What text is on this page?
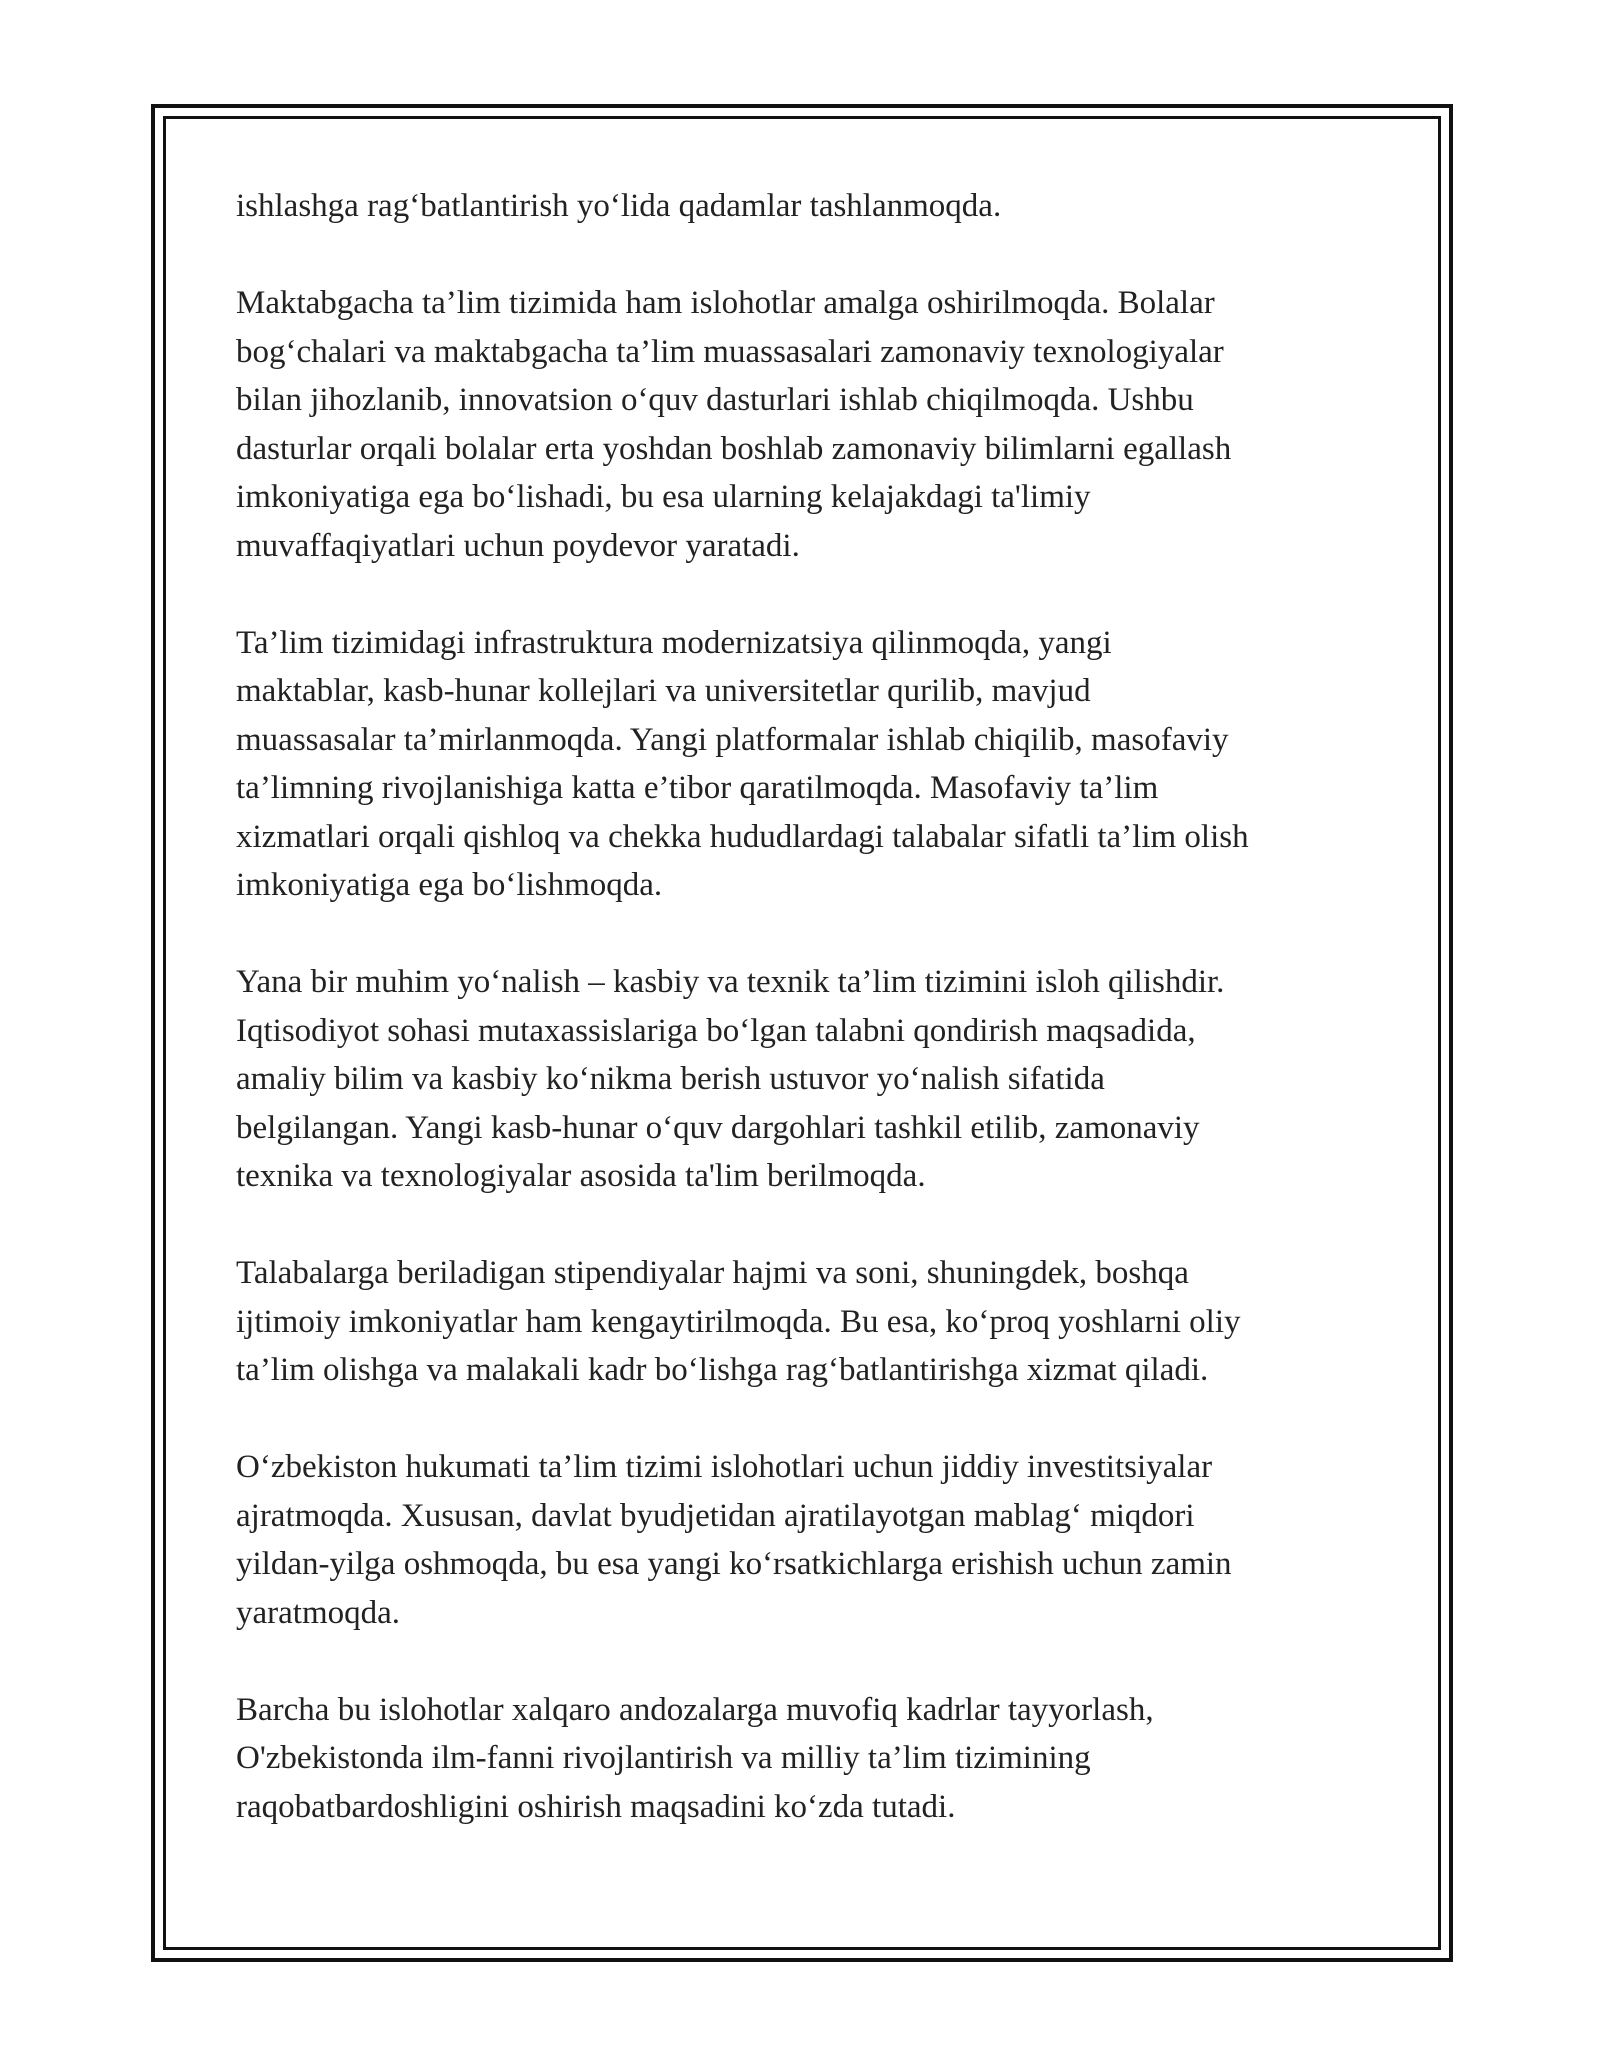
ishlashga rag‘batlantirish yo‘lida qadamlar tashlanmoqda.

Maktabgacha ta’lim tizimida ham islohotlar amalga oshirilmoqda. Bolalar
bog‘chalari va maktabgacha ta’lim muassasalari zamonaviy texnologiyalar
bilan jihozlanib, innovatsion o‘quv dasturlari ishlab chiqilmoqda. Ushbu
dasturlar orqali bolalar erta yoshdan boshlab zamonaviy bilimlarni egallash
imkoniyatiga ega bo‘lishadi, bu esa ularning kelajakdagi ta'limiy
muvaffaqiyatlari uchun poydevor yaratadi.

Ta’lim tizimidagi infrastruktura modernizatsiya qilinmoqda, yangi
maktablar, kasb-hunar kollejlari va universitetlar qurilib, mavjud
muassasalar ta’mirlanmoqda. Yangi platformalar ishlab chiqilib, masofaviy
ta’limning rivojlanishiga katta e’tibor qaratilmoqda. Masofaviy ta’lim
xizmatlari orqali qishloq va chekka hududlardagi talabalar sifatli ta’lim olish
imkoniyatiga ega bo‘lishmoqda.

Yana bir muhim yo‘nalish – kasbiy va texnik ta’lim tizimini isloh qilishdir.
Iqtisodiyot sohasi mutaxassislariga bo‘lgan talabni qondirish maqsadida,
amaliy bilim va kasbiy ko‘nikma berish ustuvor yo‘nalish sifatida
belgilangan. Yangi kasb-hunar o‘quv dargohlari tashkil etilib, zamonaviy
texnika va texnologiyalar asosida ta'lim berilmoqda.

Talabalarga beriladigan stipendiyalar hajmi va soni, shuningdek, boshqa
ijtimoiy imkoniyatlar ham kengaytirilmoqda. Bu esa, ko‘proq yoshlarni oliy
ta’lim olishga va malakali kadr bo‘lishga rag‘batlantirishga xizmat qiladi.

O‘zbekiston hukumati ta’lim tizimi islohotlari uchun jiddiy investitsiyalar
ajratmoqda. Xususan, davlat byudjetidan ajratilayotgan mablag‘ miqdori
yildan-yilga oshmoqda, bu esa yangi ko‘rsatkichlarga erishish uchun zamin
yaratmoqda.

Barcha bu islohotlar xalqaro andozalarga muvofiq kadrlar tayyorlash,
O'zbekistonda ilm-fanni rivojlantirish va milliy ta’lim tizimining
raqobatbardoshligini oshirish maqsadini ko‘zda tutadi.
